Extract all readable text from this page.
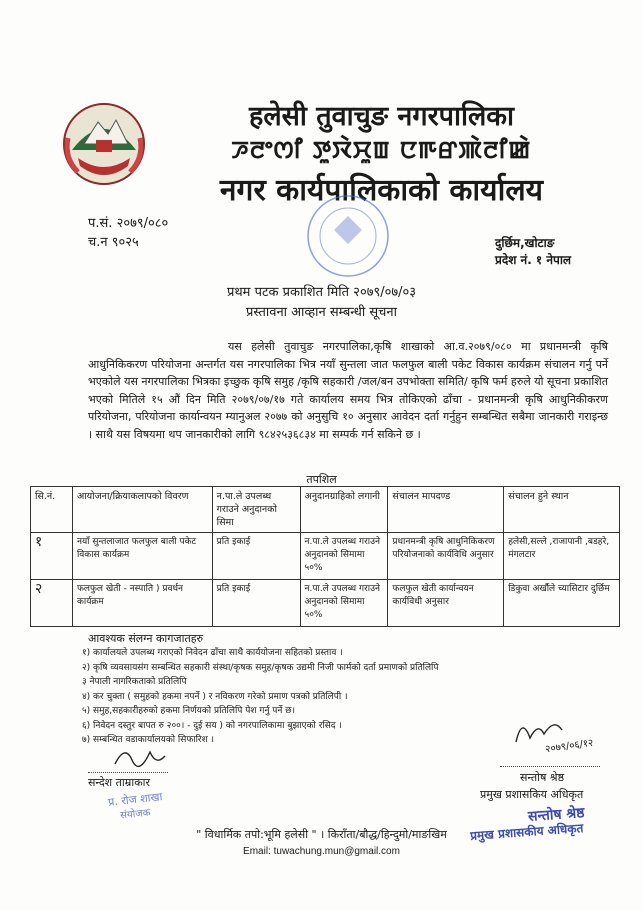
हलेसी तुवाचुङ नगरपालिका
ꯍꯂꯦꯁꯤ ꯇꯨꯋꯥꯆꯨꯡ ꯅꯒꯔꯄꯥꯂꯤꯀꯥ
नगर कार्यपालिकाको कार्यालय
प.सं. २०७९/०८०
च.न ९०२५	दुर्छिम,खोटाङ
प्रदेश नं. १ नेपाल
प्रथम पटक प्रकाशित मिति २०७९/०७/०३
प्रस्तावना आव्हान सम्बन्धी सूचना
यस हलेसी तुवाचुङ नगरपालिका,कृषि शाखाको आ.व.२०७९/०८० मा प्रधानमन्त्री कृषि आधुनिकिकरण परियोजना अन्तर्गत यस नगरपालिका भित्र नयाँ सुन्तला जात फलफुल बाली पकेट विकास कार्यक्रम संचालन गर्नु पर्ने भएकोले यस नगरपालिका भित्रका इच्छुक कृषि समुह /कृषि सहकारी /जल/बन उपभोक्ता समिति/ कृषि फर्म हरुले यो सूचना प्रकाशित भएको मितिले १५ औं दिन मिति २०७९/०७/१७ गते कार्यालय समय भित्र तोकिएको ढाँचा - प्रधानमन्त्री कृषि आधुनिकीकरण परियोजना, परियोजना कार्यान्वयन म्यानुअल २०७७ को अनुसुचि १० अनुसार आवेदन दर्ता गर्नुहुन सम्बन्धित सबैमा जानकारी गराइन्छ । साथै यस विषयमा थप जानकारीको लागि ९८४२५३६८३४ मा सम्पर्क गर्न सकिने छ ।
तपशिल
सि.नं.	आयोजना/क्रियाकलापको विवरण	न.पा.ले उपलब्ध गराउने अनुदानको सिमा	अनुदानग्राहिको लगानी	संचालन मापदण्ड	संचालन हुने स्थान
१	नयाँ सुन्तलाजात फलफुल बाली पकेट विकास कार्यक्रम	प्रति इकाई	न.पा.ले उपलब्ध गराउने अनुदानको सिमामा ५०%	प्रधानमन्त्री कृषि आधुनिकिकरण परियोजनाको कार्यविधि अनुसार	हलेसी,सल्ले ,राजापानी ,बडहरे, मंगलटार
२	फलफुल खेती - नस्पाति ) प्रवर्धन कार्यक्रम	प्रति इकाई	न.पा.ले उपलब्ध गराउने अनुदानको सिमामा ५०%	फलफुल खेती कार्यान्वयन कार्यविधी अनुसार	डिकुवा अर्खौले च्यासिटार दुर्छिम
आवश्यक संलग्न कागजातहरु
१) कार्यालयले उपलब्ध गराएको निवेदन ढाँचा साथै कार्ययोजना सहितको प्रस्ताव ।
२) कृषि व्यवसायसंग सम्बन्धित सहकारी संस्था/कृषक समुह/कृषक उद्यमी निजी फार्मको दर्ता प्रमाणको प्रतिलिपि
३ नेपाली नागरिकताको प्रतिलिपि
४) कर चुक्ता ( समुहको हकमा नपर्ने ) र नविकरण गरेको प्रमाण पत्रको प्रतिलिपी ।
५) समुह,सहकारीहरुको हकमा निर्णयको प्रतिलिपि पेश गर्नु पर्ने छ।
६) निवेदन दस्तुर बापत रु २००। - दुई सय ) को नगरपालिकामा बुझाएको रसिद ।
७) सम्बन्धित वडाकार्यालयको सिफारिश ।
सन्देश ताम्राकार
प्र. रोज शाखा
संयोजक
२०७९/०६/१२
सन्तोष श्रेष्ठ
प्रमुख प्रशासकिय अधिकृत
सन्तोष श्रेष्ठ
प्रमुख प्रशासकीय अधिकृत
" विधार्मिक तपो:भूमि हलेसी " । किराँता/बौद्ध/हिन्दुमो/माङखिम
Email: tuwachung.mun@gmail.com
